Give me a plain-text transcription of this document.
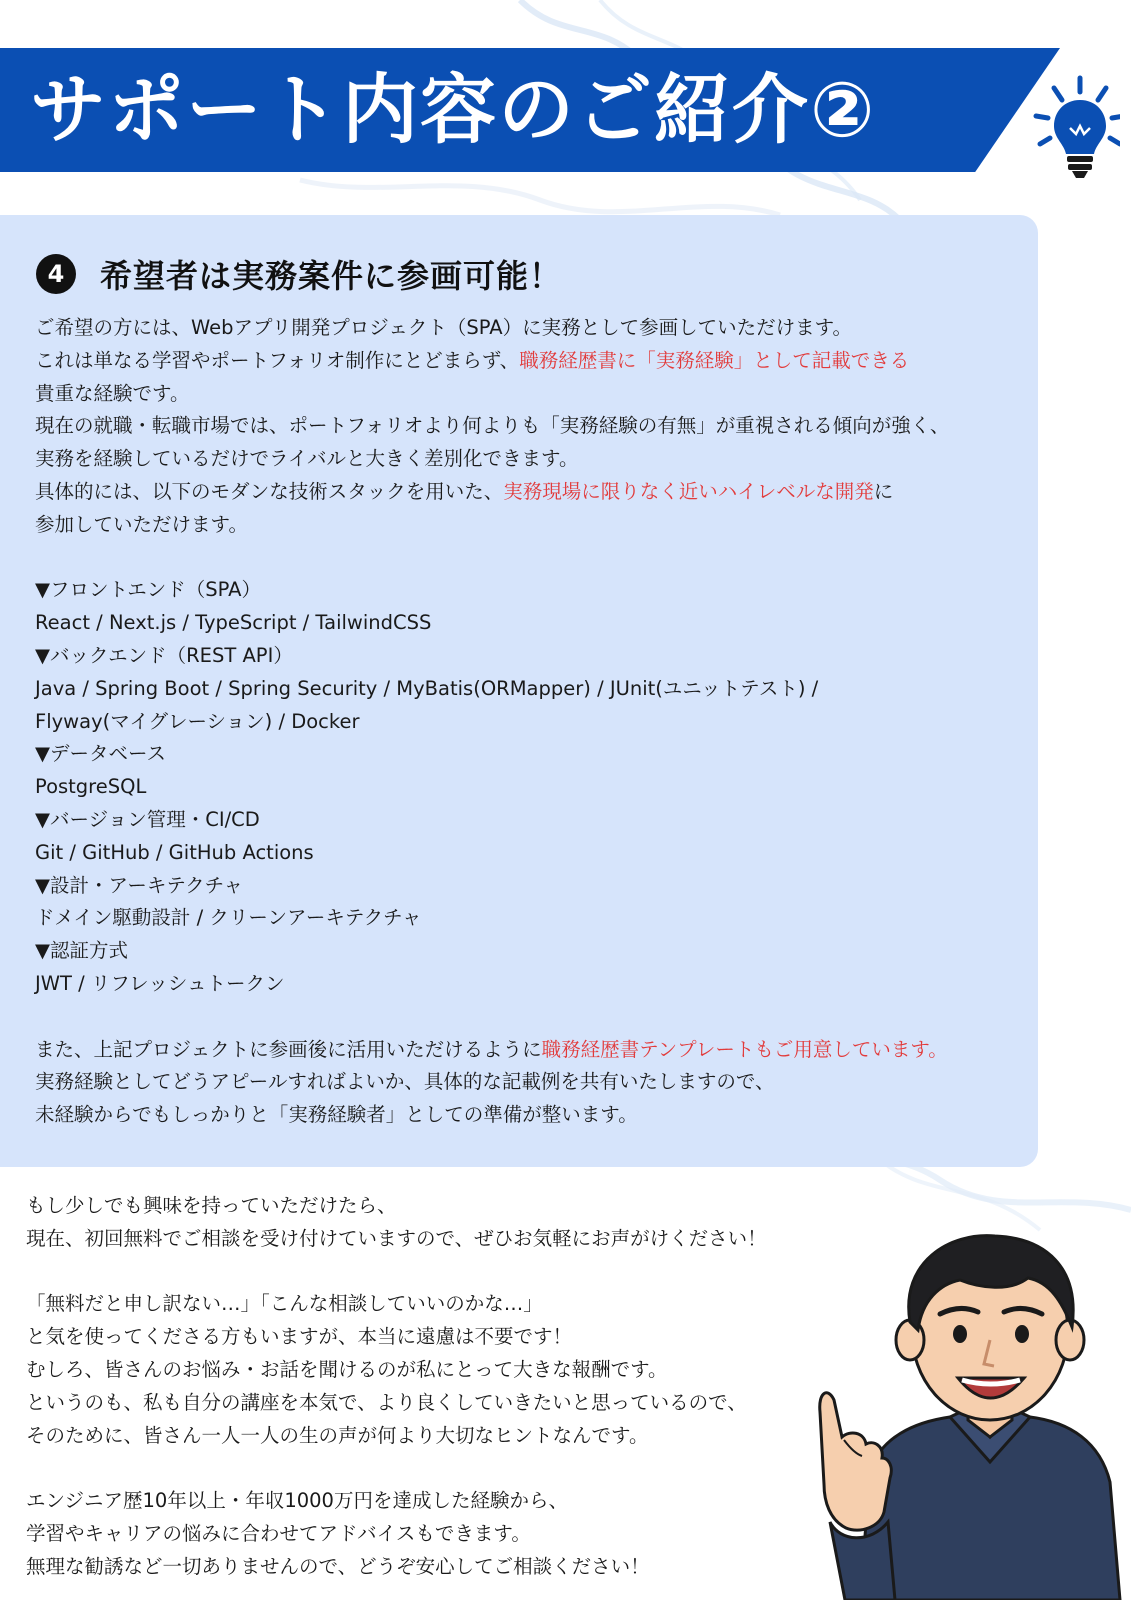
サポート内容のご紹介②
4	希望者は実務案件に参画可能！
ご希望の方には、Webアプリ開発プロジェクト（SPA）に実務として参画していただけます。
これは単なる学習やポートフォリオ制作にとどまらず、職務経歴書に「実務経験」として記載できる
貴重な経験です。
現在の就職・転職市場では、ポートフォリオより何よりも「実務経験の有無」が重視される傾向が強く、
実務を経験しているだけでライバルと大きく差別化できます。
具体的には、以下のモダンな技術スタックを用いた、実務現場に限りなく近いハイレベルな開発に
参加していただけます。
▼フロントエンド（SPA）
React / Next.js / TypeScript / TailwindCSS
▼バックエンド（REST API）
Java / Spring Boot / Spring Security / MyBatis(ORMapper) / JUnit(ユニットテスト) /
Flyway(マイグレーション) / Docker
▼データベース
PostgreSQL
▼バージョン管理・CI/CD
Git / GitHub / GitHub Actions
▼設計・アーキテクチャ
ドメイン駆動設計 / クリーンアーキテクチャ
▼認証方式
JWT / リフレッシュトークン
また、上記プロジェクトに参画後に活用いただけるように職務経歴書テンプレートもご用意しています。
実務経験としてどうアピールすればよいか、具体的な記載例を共有いたしますので、
未経験からでもしっかりと「実務経験者」としての準備が整います。
もし少しでも興味を持っていただけたら、
現在、初回無料でご相談を受け付けていますので、ぜひお気軽にお声がけください！
「無料だと申し訳ない…」「こんな相談していいのかな…」
と気を使ってくださる方もいますが、本当に遠慮は不要です！
むしろ、皆さんのお悩み・お話を聞けるのが私にとって大きな報酬です。
というのも、私も自分の講座を本気で、より良くしていきたいと思っているので、
そのために、皆さん一人一人の生の声が何より大切なヒントなんです。
エンジニア歴10年以上・年収1000万円を達成した経験から、
学習やキャリアの悩みに合わせてアドバイスもできます。
無理な勧誘など一切ありませんので、どうぞ安心してご相談ください！
